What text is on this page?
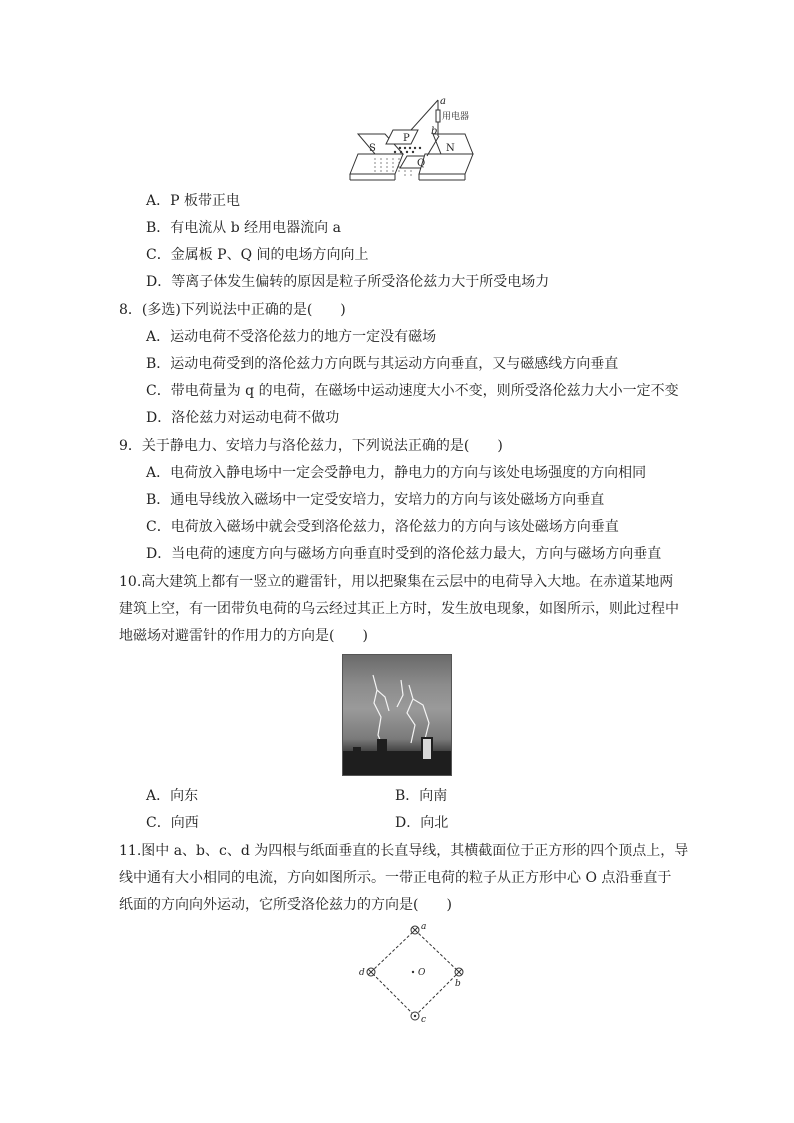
S
P
Q
N
a
b
用电器
A．P 板带正电
B．有电流从 b 经用电器流向 a
C．金属板 P、Q 间的电场方向向上
D．等离子体发生偏转的原因是粒子所受洛伦兹力大于所受电场力
8．(多选)下列说法中正确的是(　　)
A．运动电荷不受洛伦兹力的地方一定没有磁场
B．运动电荷受到的洛伦兹力方向既与其运动方向垂直，又与磁感线方向垂直
C．带电荷量为 q 的电荷，在磁场中运动速度大小不变，则所受洛伦兹力大小一定不变
D．洛伦兹力对运动电荷不做功
9．关于静电力、安培力与洛伦兹力，下列说法正确的是(　　)
A．电荷放入静电场中一定会受静电力，静电力的方向与该处电场强度的方向相同
B．通电导线放入磁场中一定受安培力，安培力的方向与该处磁场方向垂直
C．电荷放入磁场中就会受到洛伦兹力，洛伦兹力的方向与该处磁场方向垂直
D．当电荷的速度方向与磁场方向垂直时受到的洛伦兹力最大，方向与磁场方向垂直
10.高大建筑上都有一竖立的避雷针，用以把聚集在云层中的电荷导入大地。在赤道某地两
建筑上空，有一团带负电荷的乌云经过其正上方时，发生放电现象，如图所示，则此过程中
地磁场对避雷针的作用力的方向是(　　)
A．向东	B．向南
C．向西	D．向北
11.图中 a、b、c、d 为四根与纸面垂直的长直导线，其横截面位于正方形的四个顶点上，导
线中通有大小相同的电流，方向如图所示。一带正电荷的粒子从正方形中心 O 点沿垂直于
纸面的方向向外运动，它所受洛伦兹力的方向是(　　)
a
b
c
d	O
